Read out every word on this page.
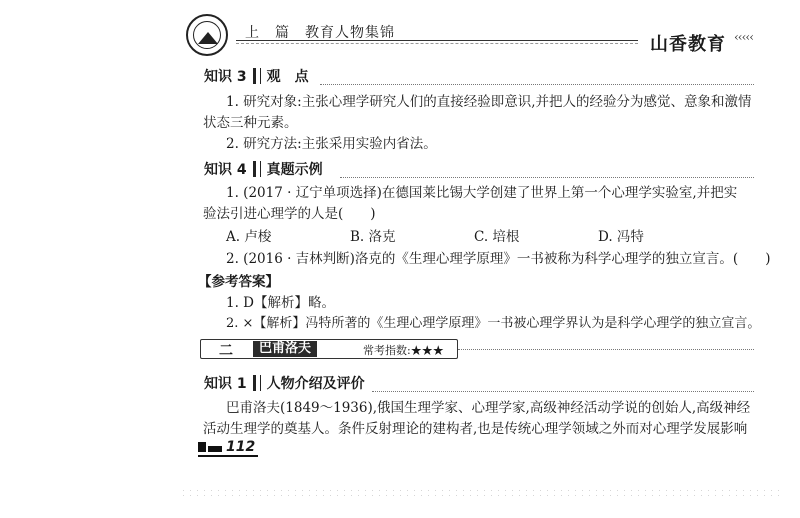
上　篇　教育人物集锦
山香教育 ‹‹‹‹‹
知识 3 观　点
1. 研究对象:主张心理学研究人们的直接经验即意识,并把人的经验分为感觉、意象和激情
状态三种元素。
2. 研究方法:主张采用实验内省法。
知识 4 真题示例
1. (2017 · 辽宁单项选择)在德国莱比锡大学创建了世界上第一个心理学实验室,并把实
验法引进心理学的人是(　　)
A. 卢梭	B. 洛克	C. 培根	D. 冯特
2. (2016 · 吉林判断)洛克的《生理心理学原理》一书被称为科学心理学的独立宣言。(　　)
【参考答案】
1. D【解析】略。
2. ×【解析】冯特所著的《生理心理学原理》一书被心理学界认为是科学心理学的独立宣言。
二	巴甫洛夫	常考指数:★★★
知识 1 人物介绍及评价
巴甫洛夫(1849～1936),俄国生理学家、心理学家,高级神经活动学说的创始人,高级神经
活动生理学的奠基人。条件反射理论的建构者,也是传统心理学领域之外而对心理学发展影响
112
